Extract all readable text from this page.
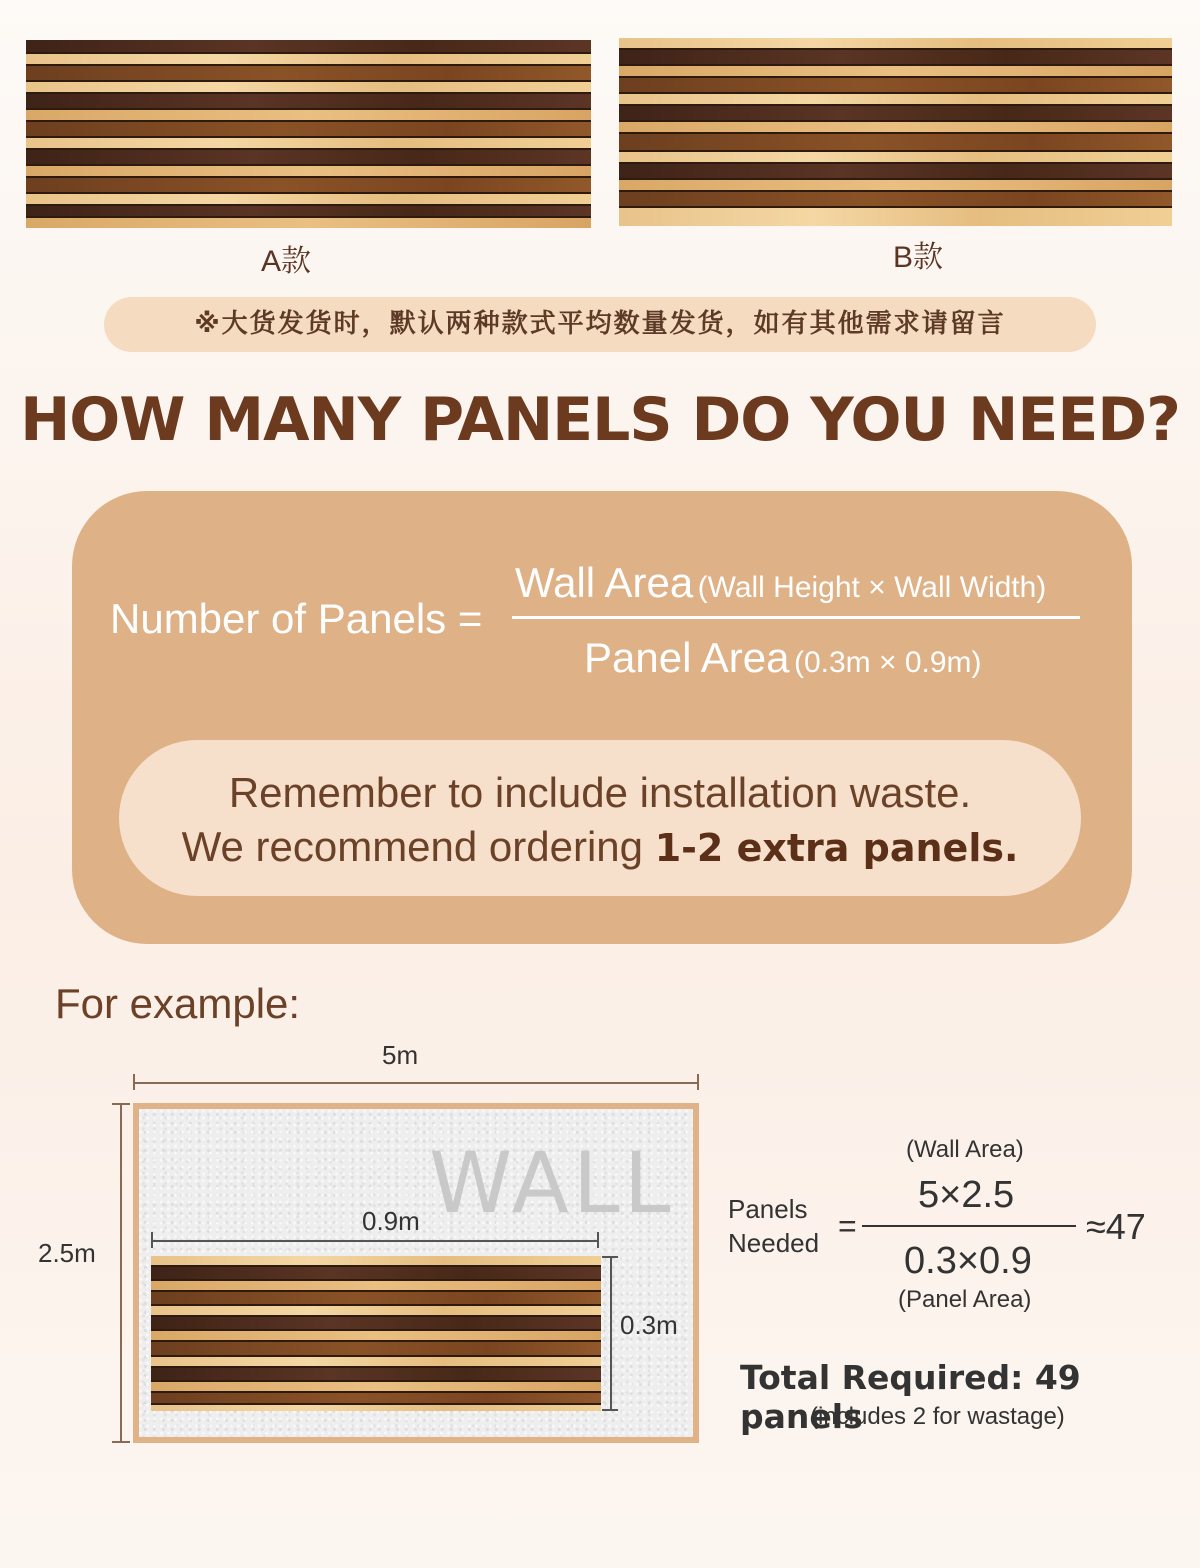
A款	B款
※大货发货时，默认两种款式平均数量发货，如有其他需求请留言
HOW MANY PANELS DO YOU NEED?
Number of Panels =
Wall Area (Wall Height × Wall Width)
Panel Area (0.3m × 0.9m)
Remember to include installation waste.
We recommend ordering 1-2 extra panels.
For example:
5m
2.5m
WALL
0.9m
0.3m
Panels
Needed =
(Wall Area)
5×2.5
≈47
0.3×0.9
(Panel Area)
Total Required: 49 panels
(includes 2 for wastage)
